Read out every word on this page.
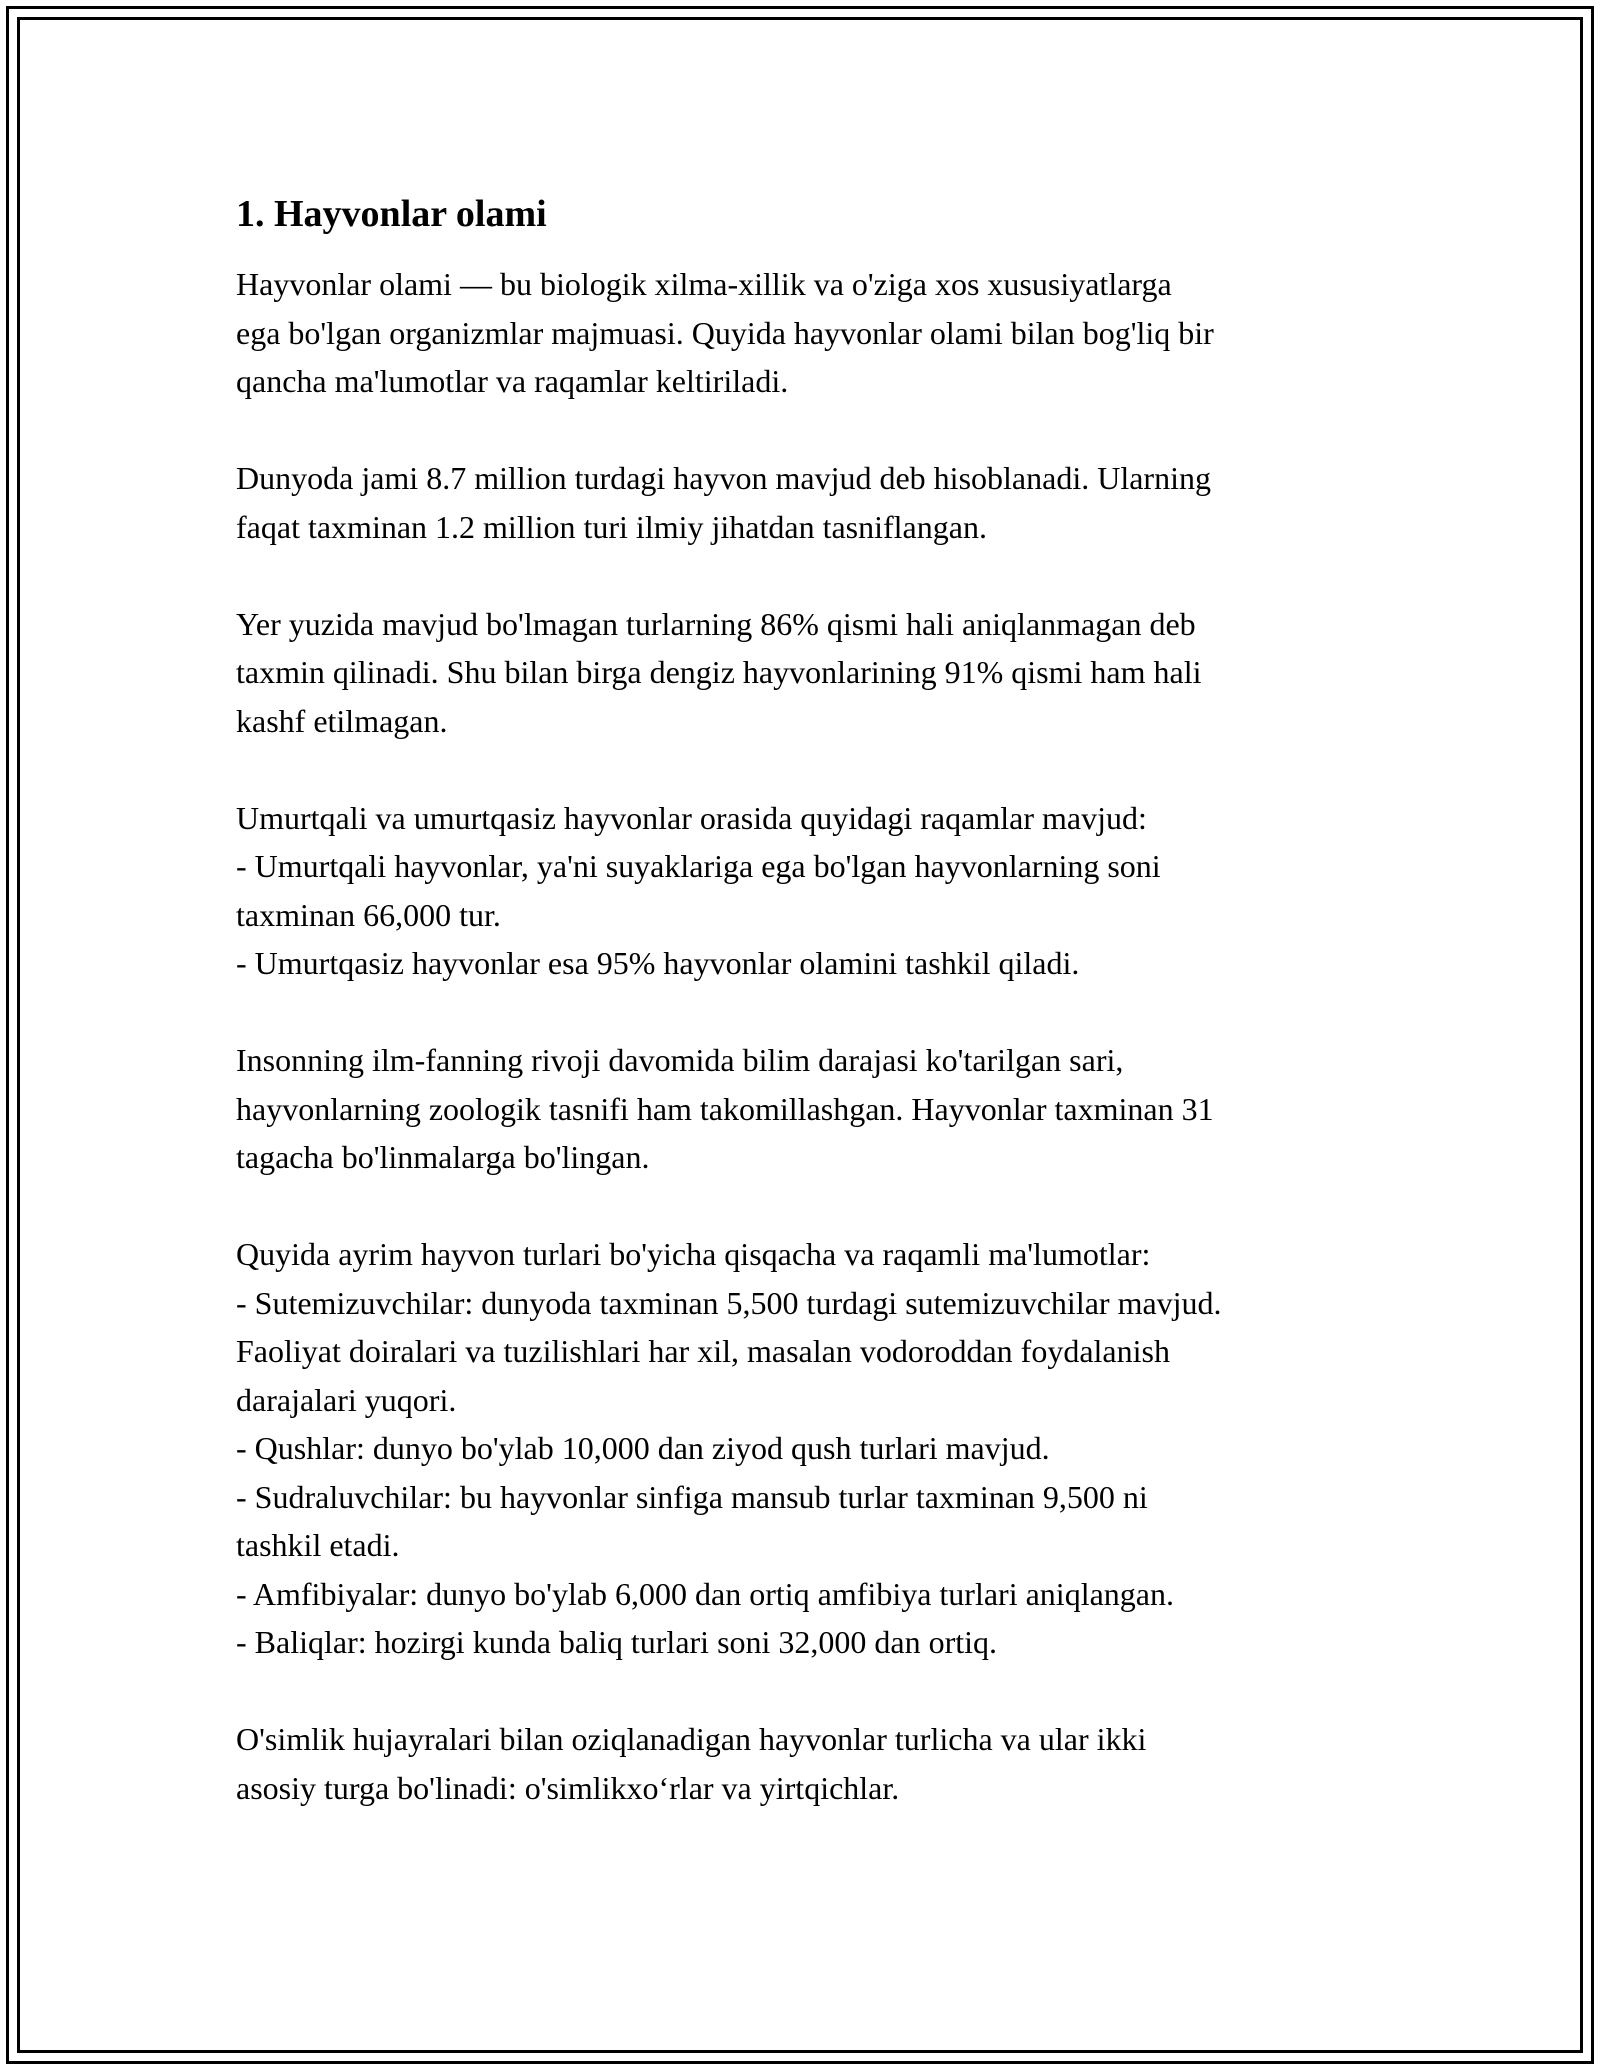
1. Hayvonlar olami
Hayvonlar olami — bu biologik xilma-xillik va o'ziga xos xususiyatlarga
ega bo'lgan organizmlar majmuasi. Quyida hayvonlar olami bilan bog'liq bir
qancha ma'lumotlar va raqamlar keltiriladi.
Dunyoda jami 8.7 million turdagi hayvon mavjud deb hisoblanadi. Ularning
faqat taxminan 1.2 million turi ilmiy jihatdan tasniflangan.
Yer yuzida mavjud bo'lmagan turlarning 86% qismi hali aniqlanmagan deb
taxmin qilinadi. Shu bilan birga dengiz hayvonlarining 91% qismi ham hali
kashf etilmagan.
Umurtqali va umurtqasiz hayvonlar orasida quyidagi raqamlar mavjud:
- Umurtqali hayvonlar, ya'ni suyaklariga ega bo'lgan hayvonlarning soni
taxminan 66,000 tur.
- Umurtqasiz hayvonlar esa 95% hayvonlar olamini tashkil qiladi.
Insonning ilm-fanning rivoji davomida bilim darajasi ko'tarilgan sari,
hayvonlarning zoologik tasnifi ham takomillashgan. Hayvonlar taxminan 31
tagacha bo'linmalarga bo'lingan.
Quyida ayrim hayvon turlari bo'yicha qisqacha va raqamli ma'lumotlar:
- Sutemizuvchilar: dunyoda taxminan 5,500 turdagi sutemizuvchilar mavjud.
Faoliyat doiralari va tuzilishlari har xil, masalan vodoroddan foydalanish
darajalari yuqori.
- Qushlar: dunyo bo'ylab 10,000 dan ziyod qush turlari mavjud.
- Sudraluvchilar: bu hayvonlar sinfiga mansub turlar taxminan 9,500 ni
tashkil etadi.
- Amfibiyalar: dunyo bo'ylab 6,000 dan ortiq amfibiya turlari aniqlangan.
- Baliqlar: hozirgi kunda baliq turlari soni 32,000 dan ortiq.
O'simlik hujayralari bilan oziqlanadigan hayvonlar turlicha va ular ikki
asosiy turga bo'linadi: o'simlikxo‘rlar va yirtqichlar.
